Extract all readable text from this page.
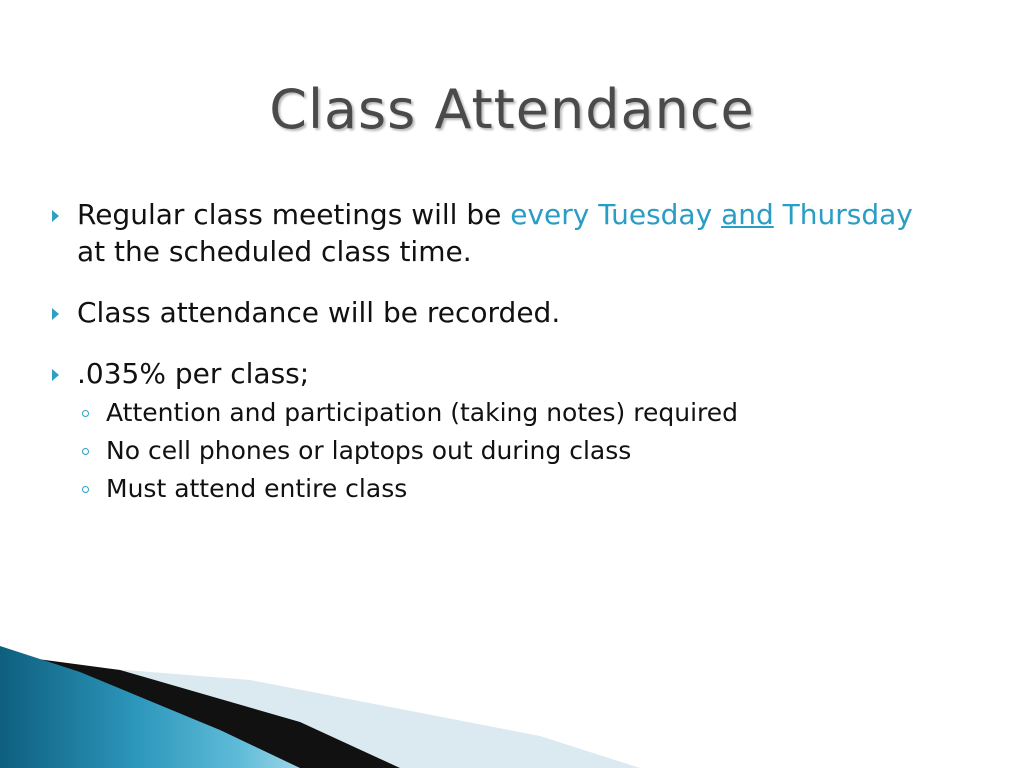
Class Attendance
Regular class meetings will be every Tuesday and Thursday at the scheduled class time.
Class attendance will be recorded.
.035% per class;
Attention and participation (taking notes) required
No cell phones or laptops out during class
Must attend entire class
